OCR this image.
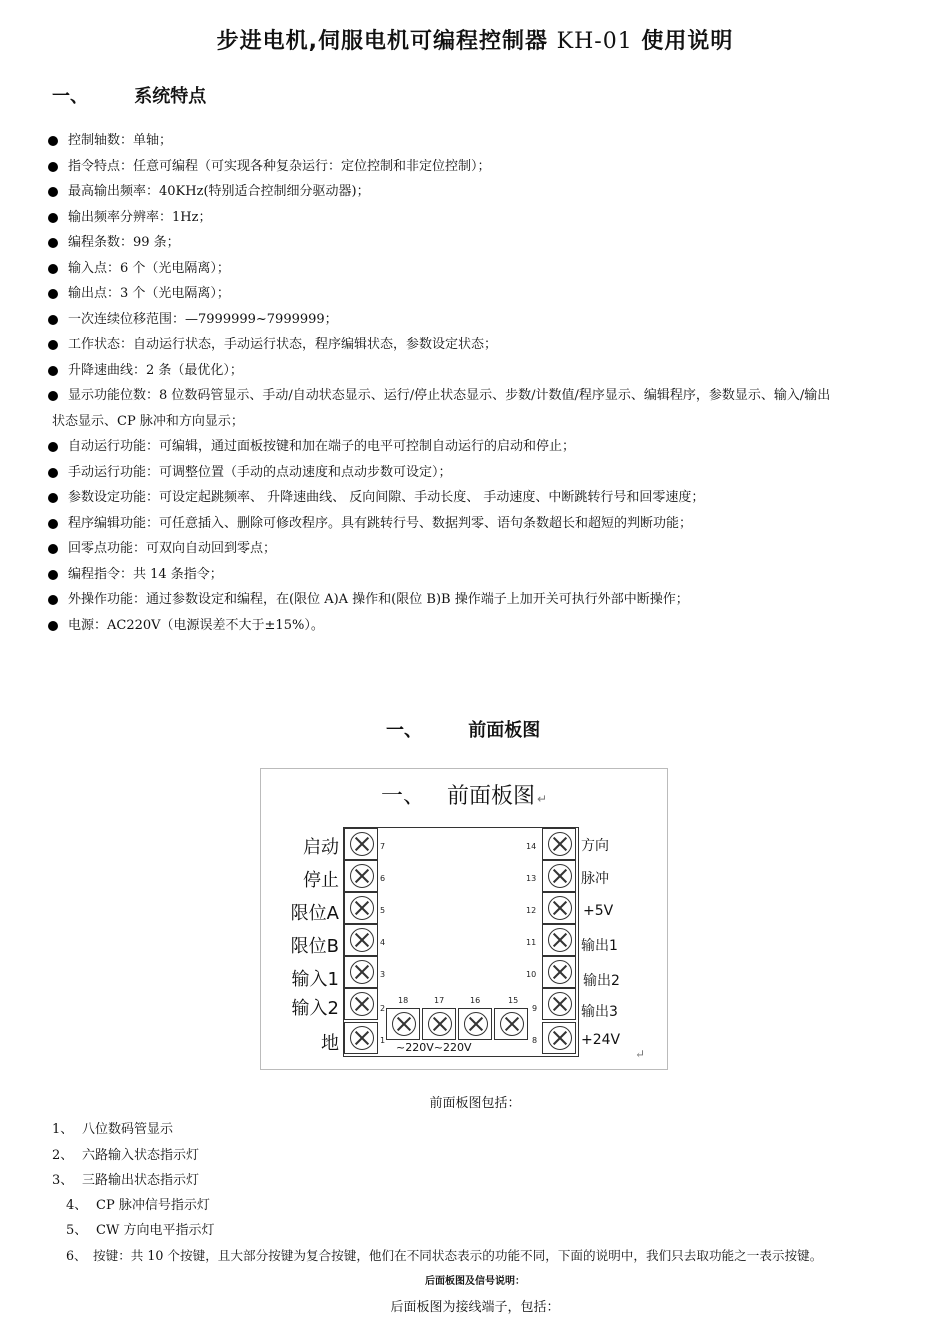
步进电机,伺服电机可编程控制器 KH-01 使用说明
一、	系统特点
控制轴数：单轴；
指令特点：任意可编程（可实现各种复杂运行：定位控制和非定位控制）；
最高输出频率：40KHz(特别适合控制细分驱动器)；
输出频率分辨率：1Hz；
编程条数：99 条；
输入点：6 个（光电隔离）；
输出点：3 个（光电隔离）；
一次连续位移范围：—7999999~7999999；
工作状态：自动运行状态，手动运行状态，程序编辑状态，参数设定状态；
升降速曲线：2 条（最优化）；
显示功能位数：8 位数码管显示、手动/自动状态显示、运行/停止状态显示、步数/计数值/程序显示、编辑程序，参数显示、输入/输出
状态显示、CP 脉冲和方向显示；
自动运行功能：可编辑，通过面板按键和加在端子的电平可控制自动运行的启动和停止；
手动运行功能：可调整位置（手动的点动速度和点动步数可设定）；
参数设定功能：可设定起跳频率、 升降速曲线、 反向间隙、手动长度、 手动速度、中断跳转行号和回零速度；
程序编辑功能：可任意插入、删除可修改程序。具有跳转行号、数据判零、语句条数超长和超短的判断功能；
回零点功能：可双向自动回到零点；
编程指令：共 14 条指令；
外操作功能：通过参数设定和编程，在(限位 A)A 操作和(限位 B)B 操作端子上加开关可执行外部中断操作；
电源：AC220V（电源误差不大于±15%）。
一、	前面板图
一、 前面板图 ↵
启动
停止
限位A
限位B
输入1
输入2
地
7
6
5
4
3
2
1
14
13
12
11
10
9
8
18	17	16	15
~220V~220V
方向
脉冲
+5V
输出1
输出2
输出3
+24V
↵
前面板图包括：
1、 八位数码管显示
2、 六路输入状态指示灯
3、 三路输出状态指示灯
4、 CP 脉冲信号指示灯
5、 CW 方向电平指示灯
6、 按键：共 10 个按键，且大部分按键为复合按键，他们在不同状态表示的功能不同，下面的说明中，我们只去取功能之一表示按键。
后面板图及信号说明：
后面板图为接线端子，包括：
